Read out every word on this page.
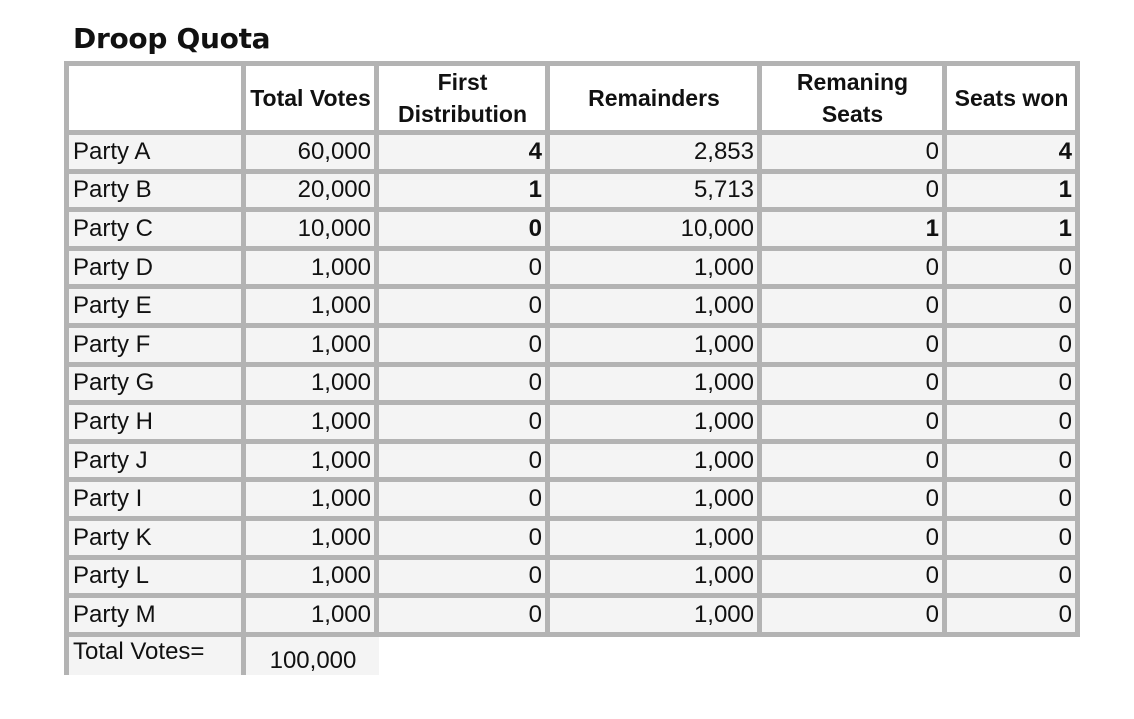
Droop Quota
	Total Votes	First Distribution	Remainders	Remaning Seats	Seats won
Party A	60,000	4	2,853	0	4
Party B	20,000	1	5,713	0	1
Party C	10,000	0	10,000	1	1
Party D	1,000	0	1,000	0	0
Party E	1,000	0	1,000	0	0
Party F	1,000	0	1,000	0	0
Party G	1,000	0	1,000	0	0
Party H	1,000	0	1,000	0	0
Party J	1,000	0	1,000	0	0
Party I	1,000	0	1,000	0	0
Party K	1,000	0	1,000	0	0
Party L	1,000	0	1,000	0	0
Party M	1,000	0	1,000	0	0
Total Votes=	100,000				
